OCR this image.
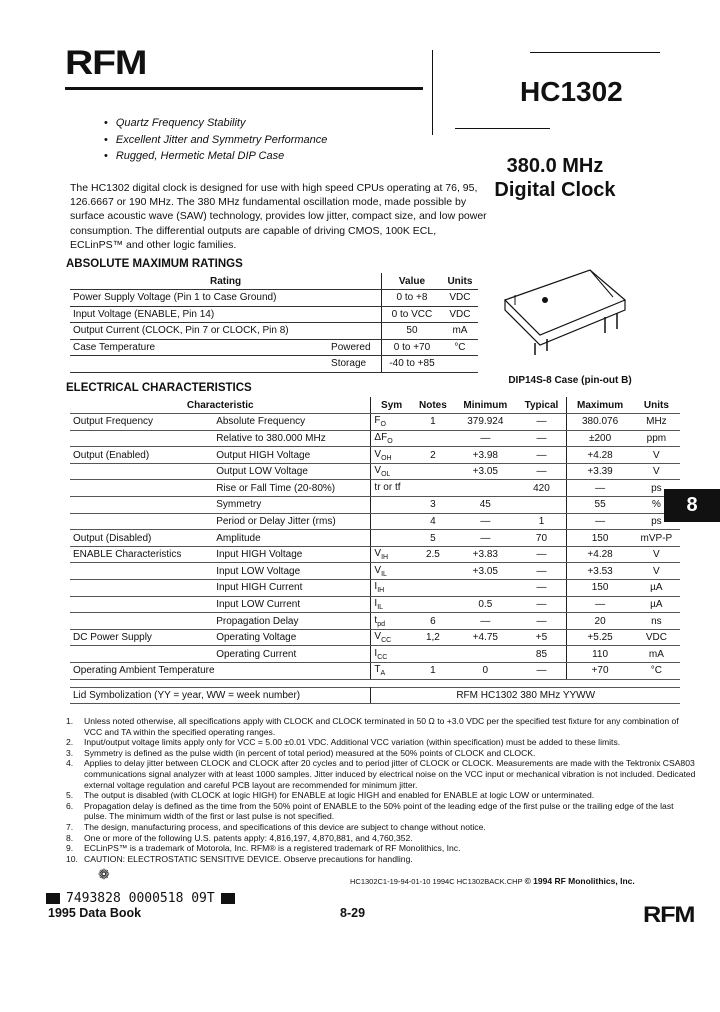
RFM
HC1302
• Quartz Frequency Stability
• Excellent Jitter and Symmetry Performance
• Rugged, Hermetic Metal DIP Case	380.0 MHz
Digital Clock
The HC1302 digital clock is designed for use with high speed CPUs operating at 76, 95, 126.6667 or 190 MHz. The 380 MHz fundamental oscillation mode, made possible by surface acoustic wave (SAW) technology, provides low jitter, compact size, and low power consumption. The differential outputs are capable of driving CMOS, 100K ECL, ECLinPS™ and other logic families.
ABSOLUTE MAXIMUM RATINGS
Rating		Value	Units
Power Supply Voltage (Pin 1 to Case Ground)		0 to +8	VDC
Input Voltage (ENABLE, Pin 14)		0 to VCC	VDC
Output Current (CLOCK, Pin 7 or CLOCK, Pin 8)		50	mA
Case Temperature	Powered	0 to +70	°C
	Storage	-40 to +85	
DIP14S-8 Case (pin-out B)
ELECTRICAL CHARACTERISTICS
Characteristic		Sym	Notes	Minimum	Typical	Maximum	Units
Output Frequency	Absolute Frequency	$F_O$	1	379.924	—	380.076	MHz
	Relative to 380.000 MHz	$\Delta F_O$		—	—	±200	ppm
Output (Enabled)	Output HIGH Voltage	$V_{OH}$	2	+3.98	—	+4.28	V
	Output LOW Voltage	$V_{OL}$		+3.05	—	+3.39	V
	Rise or Fall Time (20-80%)	tr or tf			420	—	ps
	Symmetry		3	45		55	%
	Period or Delay Jitter (rms)		4	—	1	—	ps
Output (Disabled)	Amplitude		5	—	70	150	mVP-P
ENABLE Characteristics	Input HIGH Voltage	$V_{IH}$	2.5	+3.83	—	+4.28	V
	Input LOW Voltage	$V_{IL}$		+3.05	—	+3.53	V
	Input HIGH Current	$I_{IH}$			—	150	µA
	Input LOW Current	$I_{IL}$		0.5	—	—	µA
	Propagation Delay	$t_{pd}$	6	—	—	20	ns
DC Power Supply	Operating Voltage	$V_{CC}$	1,2	+4.75	+5	+5.25	VDC
	Operating Current	$I_{CC}$			85	110	mA
Operating Ambient Temperature		$T_A$	1	0	—	+70	°C

Lid Symbolization (YY = year, WW = week number)		RFM HC1302 380 MHz YYWW					
8
1.	Unless noted otherwise, all specifications apply with CLOCK and CLOCK terminated in 50 Ω to +3.0 VDC per the specified test fixture for any combination of VCC and TA within the specified operating ranges.
2.	Input/output voltage limits apply only for VCC = 5.00 ±0.01 VDC. Additional VCC variation (within specification) must be added to these limits.
3.	Symmetry is defined as the pulse width (in percent of total period) measured at the 50% points of CLOCK and CLOCK.
4.	Applies to delay jitter between CLOCK and CLOCK after 20 cycles and to period jitter of CLOCK or CLOCK. Measurements are made with the Tektronix CSA803 communications signal analyzer with at least 1000 samples. Jitter induced by electrical noise on the VCC input or mechanical vibration is not included. Dedicated external voltage regulation and careful PCB layout are recommended for minimum jitter.
5.	The output is disabled (with CLOCK at logic HIGH) for ENABLE at logic HIGH and enabled for ENABLE at logic LOW or unterminated.
6.	Propagation delay is defined as the time from the 50% point of ENABLE to the 50% point of the leading edge of the first pulse or the trailing edge of the last pulse. The minimum width of the first or last pulse is not specified.
7.	The design, manufacturing process, and specifications of this device are subject to change without notice.
8.	One or more of the following U.S. patents apply: 4,816,197, 4,870,881, and 4,760,352.
9.	ECLinPS™ is a trademark of Motorola, Inc. RFM® is a registered trademark of RF Monolithics, Inc.
10. CAUTION: ELECTROSTATIC SENSITIVE DEVICE. Observe precautions for handling.
❁	HC1302C1-19-94-01-10 1994C HC1302BACK.CHP © 1994 RF Monolithics, Inc.
7493828 0000518 09T
1995 Data Book	8-29	RFM
